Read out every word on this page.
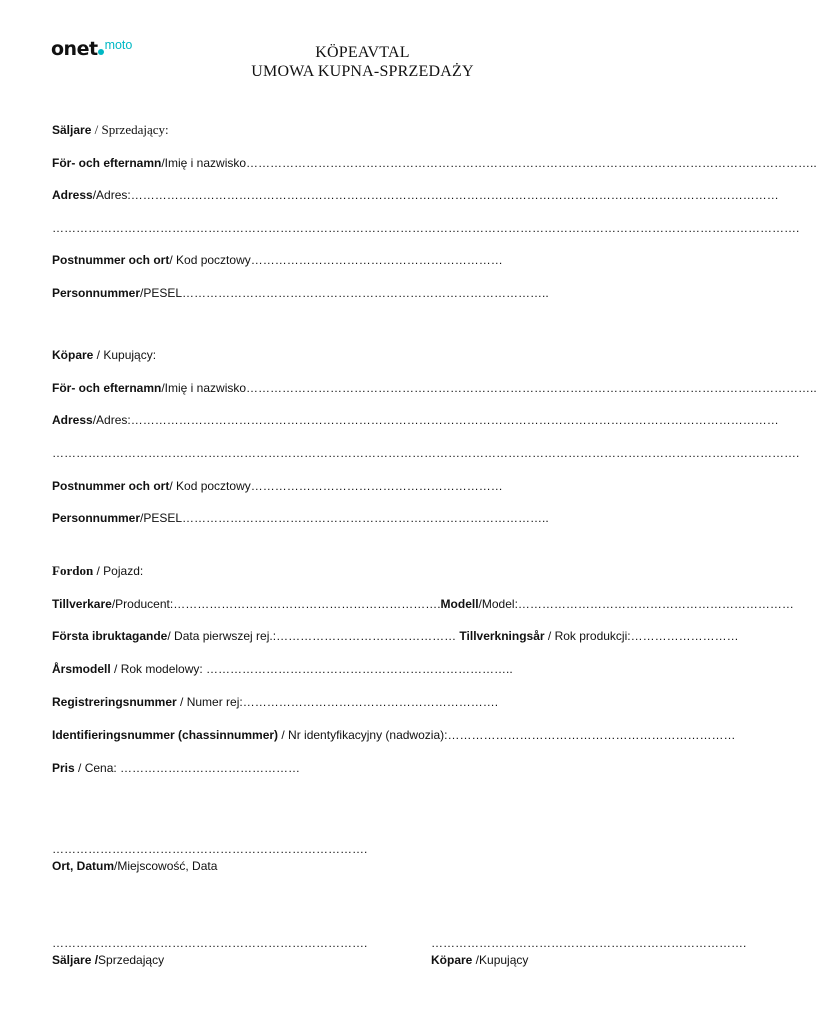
onet $^{moto}$	KÖPEAVTAL
UMOWA KUPNA-SPRZEDAŻY
Säljare / Sprzedający:
För- och efternamn/Imię i nazwisko……………………………………………………………………………………………………………………………..
Adress/Adres:………………………………………………………………………………………………………………………………………………
…………………………………………………………………………………………………………………………………………………………………….
Postnummer och ort/ Kod pocztowy………………………………………………………
Personnummer/PESEL………………………………………………………………………………..
Köpare / Kupujący:
För- och efternamn/Imię i nazwisko……………………………………………………………………………………………………………………………..
Adress/Adres:………………………………………………………………………………………………………………………………………………
…………………………………………………………………………………………………………………………………………………………………….
Postnummer och ort/ Kod pocztowy………………………………………………………
Personnummer/PESEL………………………………………………………………………………..
Fordon / Pojazd:
Tillverkare/Producent:………………………………………………………….Modell/Model:……………………………………………………………
Första ibruktagande/ Data pierwszej rej.:……………………………………… Tillverkningsår / Rok produkcji:………………………
Årsmodell / Rok modelowy: …………………………………………………………………..
Registreringsnummer / Numer rej:……………………………………………………….
Identifieringsnummer (chassinnummer) / Nr identyfikacyjny (nadwozia):………………………………………………………………
Pris / Cena: ………………………………………
…………………………………………………………………….
Ort, Datum/Miejscowość, Data
…………………………………………………………………….
Säljare /Sprzedający
…………………………………………………………………….
Köpare /Kupujący
